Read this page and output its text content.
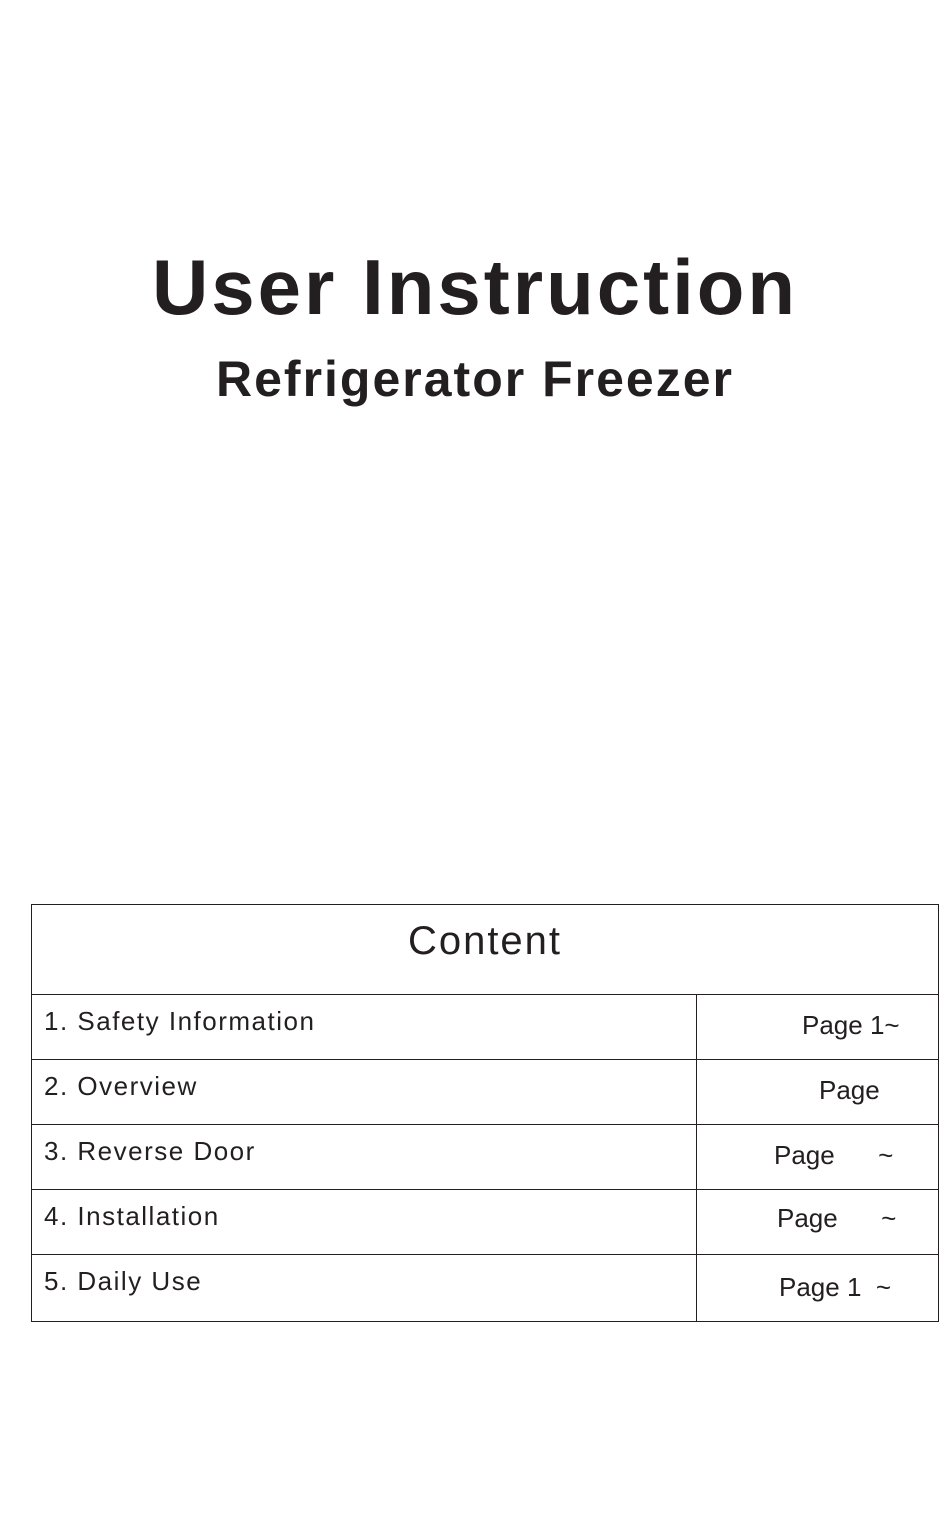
User Instruction
Refrigerator Freezer
Content
1. Safety Information	Page 1~
2. Overview	Page
3. Reverse Door	Page      ~
4. Installation	Page      ~
5. Daily Use	Page 1  ~
